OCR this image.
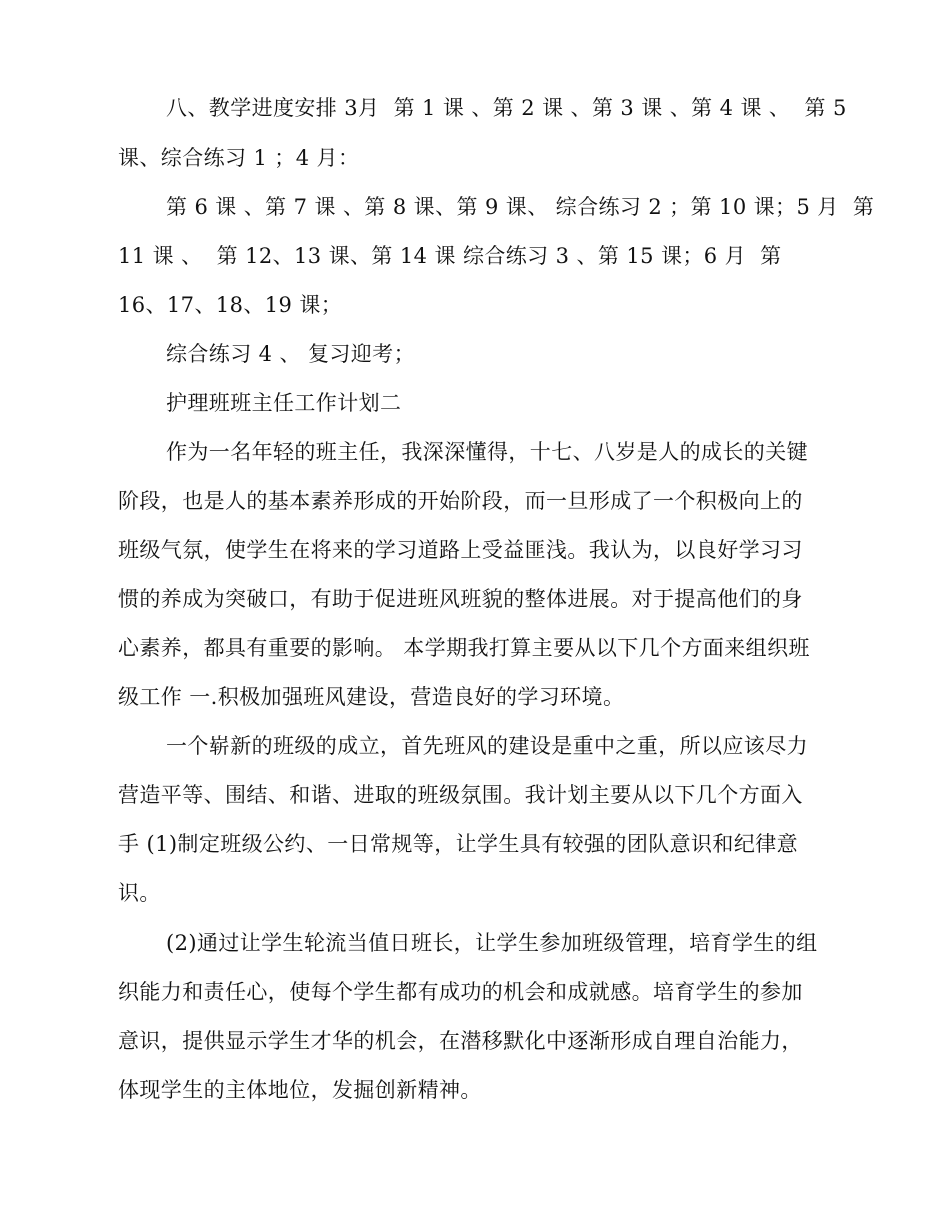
八、教学进度安排 3月  第 1 课 、第 2 课 、第 3 课 、第 4 课 、  第 5
课、综合练习 1 ；4 月：
第 6 课 、第 7 课 、第 8 课、第 9 课、 综合练习 2 ；第 10 课；5 月  第
11 课 、  第 12、13 课、第 14 课 综合练习 3 、第 15 课；6 月  第
16、17、18、19 课；
综合练习 4 、 复习迎考；
护理班班主任工作计划二
作为一名年轻的班主任，我深深懂得，十七、八岁是人的成长的关键
阶段，也是人的基本素养形成的开始阶段，而一旦形成了一个积极向上的
班级气氛，使学生在将来的学习道路上受益匪浅。我认为，以良好学习习
惯的养成为突破口，有助于促进班风班貌的整体进展。对于提高他们的身
心素养，都具有重要的影响。 本学期我打算主要从以下几个方面来组织班
级工作 一.积极加强班风建设，营造良好的学习环境。
一个崭新的班级的成立，首先班风的建设是重中之重，所以应该尽力
营造平等、围结、和谐、进取的班级氛围。我计划主要从以下几个方面入
手 (1)制定班级公约、一日常规等，让学生具有较强的团队意识和纪律意
识。
(2)通过让学生轮流当值日班长，让学生参加班级管理，培育学生的组
织能力和责任心，使每个学生都有成功的机会和成就感。培育学生的参加
意识，提供显示学生才华的机会，在潜移默化中逐渐形成自理自治能力，
体现学生的主体地位，发掘创新精神。
